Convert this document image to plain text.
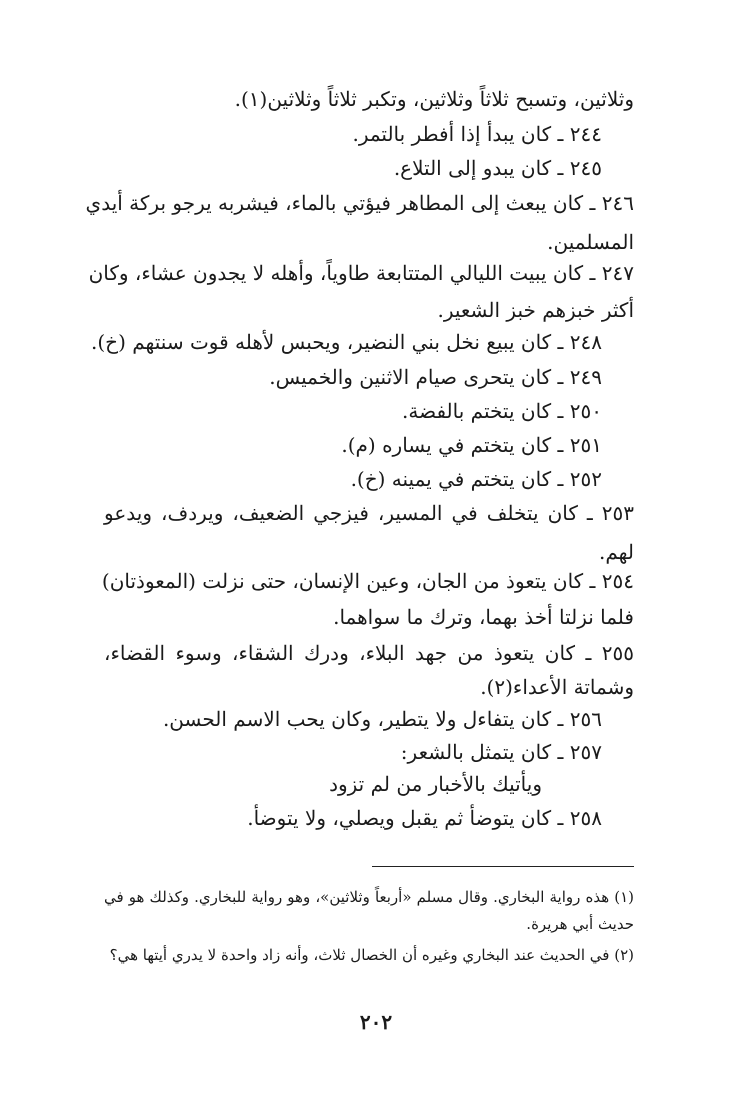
وثلاثين، وتسبح ثلاثاً وثلاثين، وتكبر ثلاثاً وثلاثين(١).
٢٤٤ ـ كان يبدأ إذا أفطر بالتمر.
٢٤٥ ـ كان يبدو إلى التلاع.
٢٤٦ ـ كان يبعث إلى المطاهر فيؤتي بالماء، فيشربه يرجو بركة أيدي
المسلمين.
٢٤٧ ـ كان يبيت الليالي المتتابعة طاوياً، وأهله لا يجدون عشاء، وكان
أكثر خبزهم خبز الشعير.
٢٤٨ ـ كان يبيع نخل بني النضير، ويحبس لأهله قوت سنتهم (خ).
٢٤٩ ـ كان يتحرى صيام الاثنين والخميس.
٢٥٠ ـ كان يتختم بالفضة.
٢٥١ ـ كان يتختم في يساره (م).
٢٥٢ ـ كان يتختم في يمينه (خ).
٢٥٣ ـ كان يتخلف في المسير، فيزجي الضعيف، ويردف، ويدعو
لهم.
٢٥٤ ـ كان يتعوذ من الجان، وعين الإنسان، حتى نزلت (المعوذتان)
فلما نزلتا أخذ بهما، وترك ما سواهما.
٢٥٥ ـ كان يتعوذ من جهد البلاء، ودرك الشقاء، وسوء القضاء،
وشماتة الأعداء(٢).
٢٥٦ ـ كان يتفاءل ولا يتطير، وكان يحب الاسم الحسن.
٢٥٧ ـ كان يتمثل بالشعر:
ويأتيك بالأخبار من لم تزود
٢٥٨ ـ كان يتوضأ ثم يقبل ويصلي، ولا يتوضأ.
(١) هذه رواية البخاري. وقال مسلم «أربعاً وثلاثين»، وهو رواية للبخاري. وكذلك هو في
حديث أبي هريرة.
(٢) في الحديث عند البخاري وغيره أن الخصال ثلاث، وأنه زاد واحدة لا يدري أيتها هي؟
٢٠٢
